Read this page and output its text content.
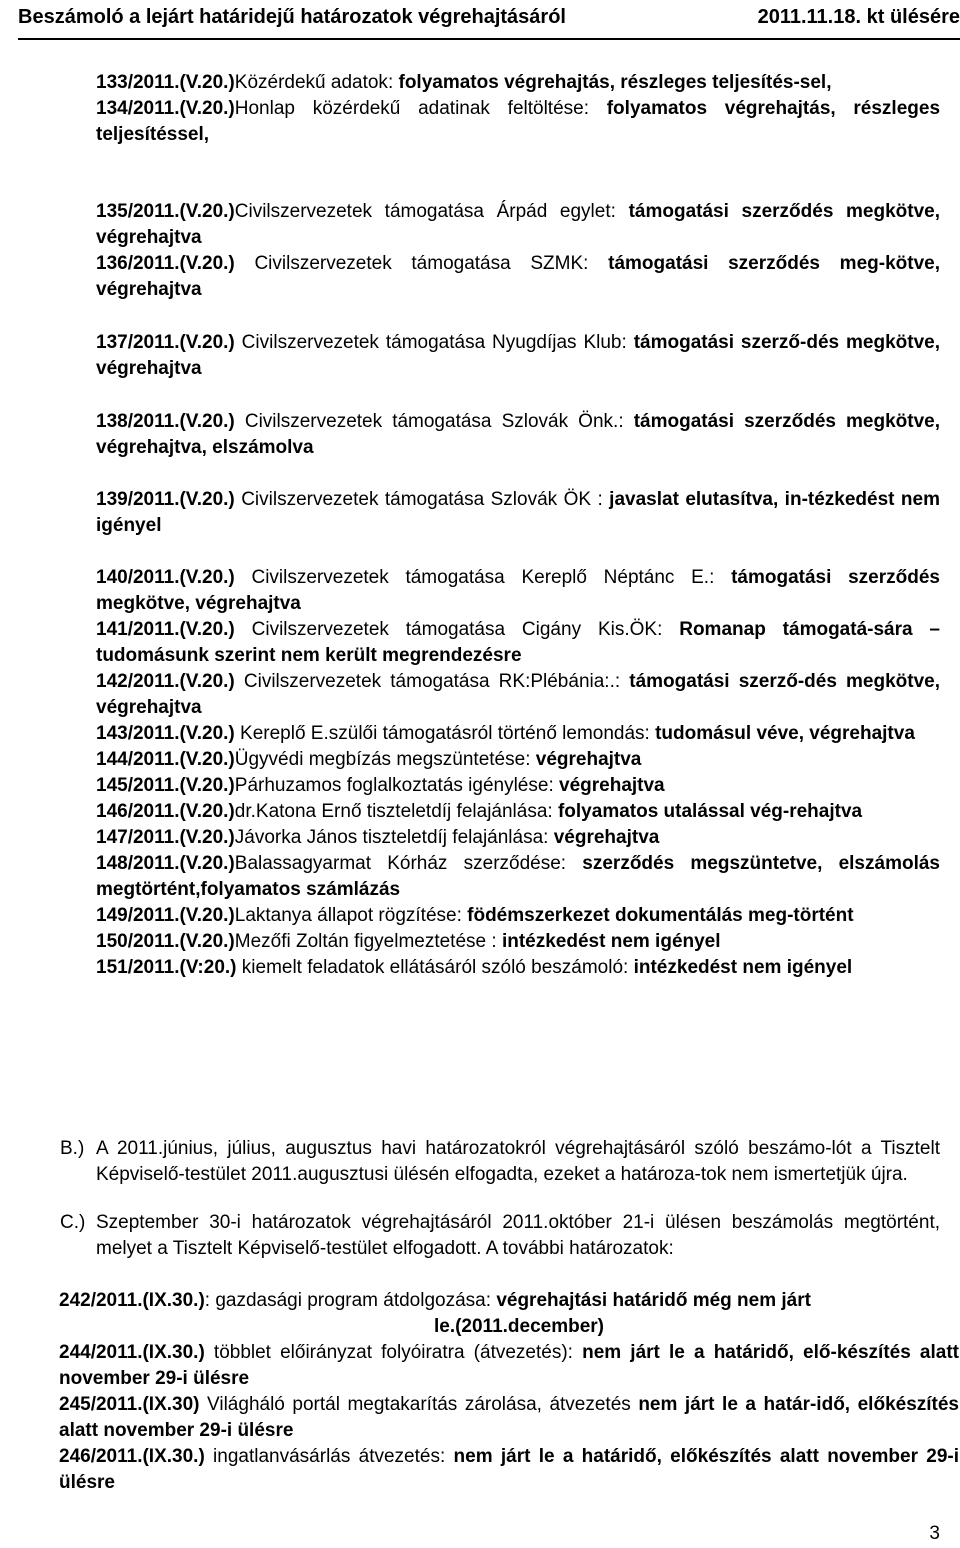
Beszámoló a lejárt határidejű határozatok végrehajtásáról	2011.11.18. kt ülésére

133/2011.(V.20.)Közérdekű adatok: folyamatos végrehajtás, részleges teljesítés-sel,

134/2011.(V.20.)Honlap közérdekű adatinak feltöltése: folyamatos végrehajtás, részleges teljesítéssel,

135/2011.(V.20.)Civilszervezetek támogatása Árpád egylet: támogatási szerződés megkötve, végrehajtva

136/2011.(V.20.) Civilszervezetek támogatása SZMK: támogatási szerződés meg-kötve, végrehajtva

137/2011.(V.20.) Civilszervezetek támogatása Nyugdíjas Klub: támogatási szerző-dés megkötve, végrehajtva

138/2011.(V.20.) Civilszervezetek támogatása Szlovák Önk.: támogatási szerződés megkötve, végrehajtva, elszámolva

139/2011.(V.20.) Civilszervezetek támogatása Szlovák ÖK : javaslat elutasítva, in-tézkedést nem igényel

140/2011.(V.20.) Civilszervezetek támogatása Kereplő Néptánc E.: támogatási szerződés megkötve, végrehajtva

141/2011.(V.20.) Civilszervezetek támogatása Cigány Kis.ÖK: Romanap támogatá-sára – tudomásunk szerint nem került megrendezésre

142/2011.(V.20.) Civilszervezetek támogatása RK:Plébánia:.: támogatási szerző-dés megkötve, végrehajtva

143/2011.(V.20.) Kereplő E.szülői támogatásról történő lemondás: tudomásul véve, végrehajtva

144/2011.(V.20.)Ügyvédi megbízás megszüntetése: végrehajtva

145/2011.(V.20.)Párhuzamos foglalkoztatás igénylése: végrehajtva

146/2011.(V.20.)dr.Katona Ernő tiszteletdíj felajánlása: folyamatos utalással vég-rehajtva

147/2011.(V.20.)Jávorka János tiszteletdíj felajánlása: végrehajtva

148/2011.(V.20.)Balassagyarmat Kórház szerződése: szerződés megszüntetve, elszámolás megtörtént,folyamatos számlázás

149/2011.(V.20.)Laktanya állapot rögzítése: födémszerkezet dokumentálás meg-történt

150/2011.(V.20.)Mezőfi Zoltán figyelmeztetése : intézkedést nem igényel

151/2011.(V:20.) kiemelt feladatok ellátásáról szóló beszámoló: intézkedést nem igényel

B.) A 2011.június, július, augusztus havi határozatokról végrehajtásáról szóló beszámo-lót a Tisztelt Képviselő-testület 2011.augusztusi ülésén elfogadta, ezeket a határoza-tok nem ismertetjük újra.
C.) Szeptember 30-i határozatok végrehajtásáról 2011.október 21-i ülésen beszámolás megtörtént, melyet a Tisztelt Képviselő-testület elfogadott. A további határozatok:

242/2011.(IX.30.): gazdasági program átdolgozása: végrehajtási határidő még nem járt

le.(2011.december)

244/2011.(IX.30.) többlet előirányzat folyóiratra (átvezetés): nem járt le a határidő, elő-készítés alatt november 29-i ülésre

245/2011.(IX.30) Világháló portál megtakarítás zárolása, átvezetés nem járt le a határ-idő, előkészítés alatt november 29-i ülésre

246/2011.(IX.30.) ingatlanvásárlás átvezetés: nem járt le a határidő, előkészítés alatt november 29-i ülésre

3
